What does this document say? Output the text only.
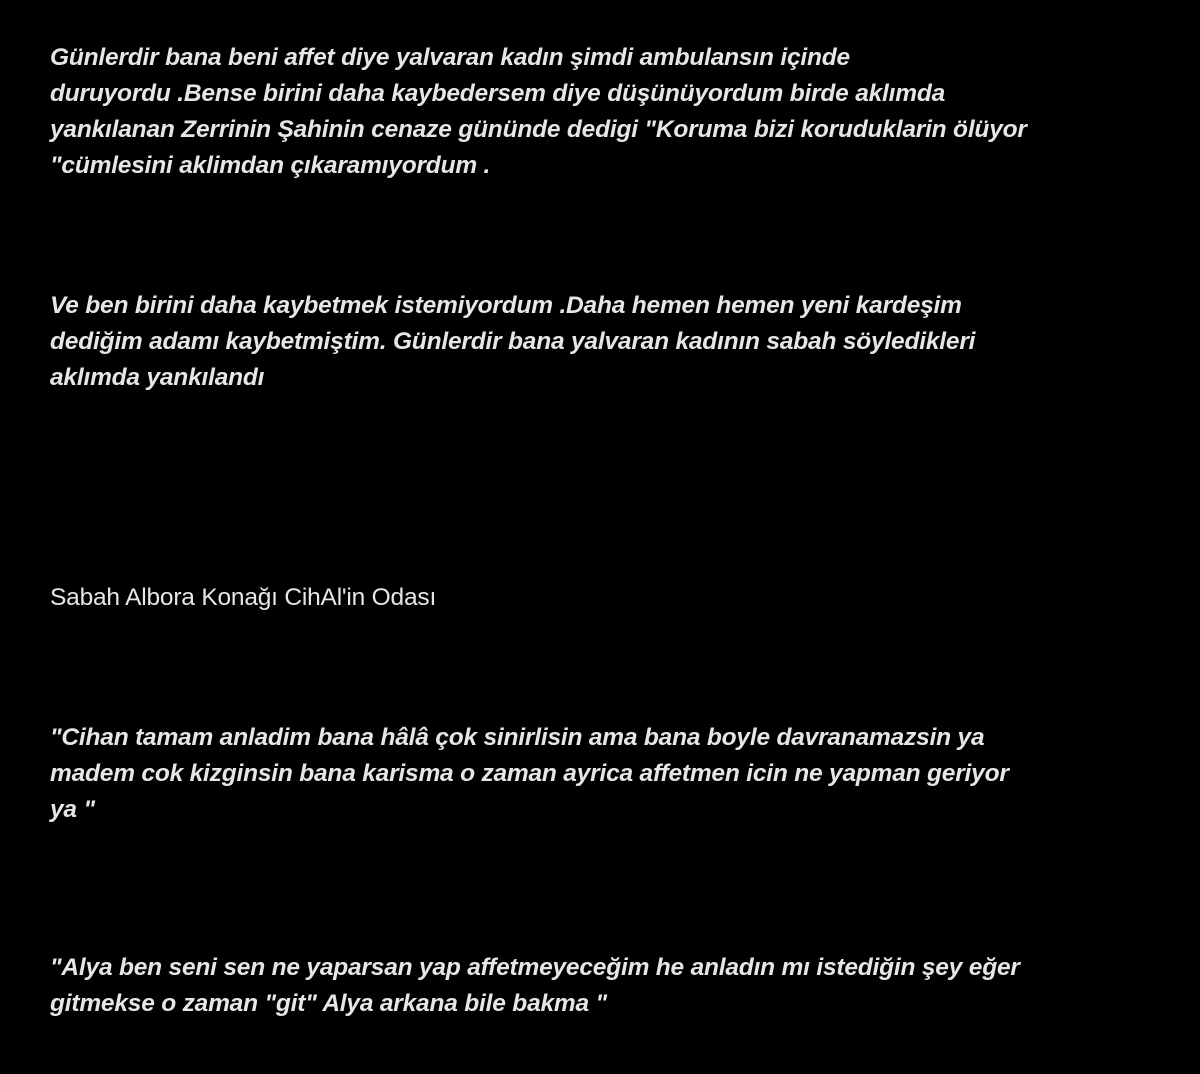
Günlerdir bana beni affet diye yalvaran kadın şimdi ambulansın içinde
duruyordu .Bense birini daha kaybedersem diye düşünüyordum birde aklımda
yankılanan Zerrinin Şahinin cenaze gününde dedigi "Koruma bizi koruduklarin ölüyor
"cümlesini aklimdan çıkaramıyordum .

Ve ben birini daha kaybetmek istemiyordum .Daha hemen hemen yeni kardeşim
dediğim adamı kaybetmiştim. Günlerdir bana yalvaran kadının sabah söyledikleri
aklımda yankılandı

Sabah Albora Konağı CihAl'in Odası

"Cihan tamam anladim bana hâlâ çok sinirlisin ama bana boyle davranamazsin ya
madem cok kizginsin bana karisma o zaman ayrica affetmen icin ne yapman geriyor
ya "

"Alya ben seni sen ne yaparsan yap affetmeyeceğim he anladın mı istediğin şey eğer
gitmekse o zaman "git" Alya arkana bile bakma "
